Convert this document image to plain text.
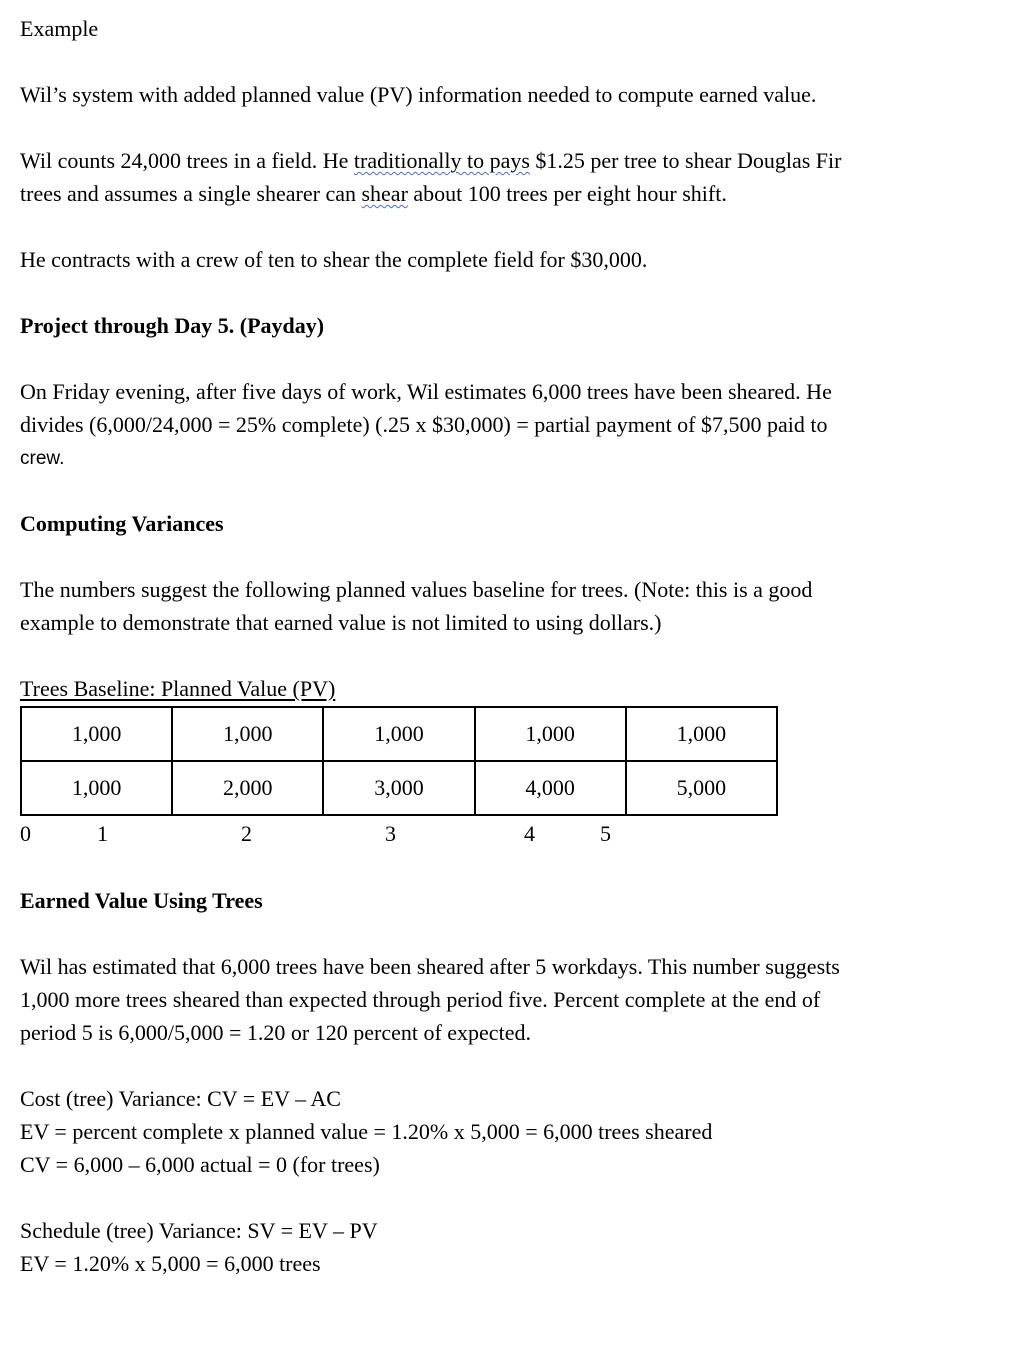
Example

Wil’s system with added planned value (PV) information needed to compute earned value.

Wil counts 24,000 trees in a field. He traditionally to pays $1.25 per tree to shear Douglas Fir

trees and assumes a single shearer can shear about 100 trees per eight hour shift.

He contracts with a crew of ten to shear the complete field for $30,000.

Project through Day 5. (Payday)

On Friday evening, after five days of work, Wil estimates 6,000 trees have been sheared. He

divides (6,000/24,000 = 25% complete) (.25 x $30,000) = partial payment of $7,500 paid to

crew.

Computing Variances

The numbers suggest the following planned values baseline for trees. (Note: this is a good

example to demonstrate that earned value is not limited to using dollars.)

Trees Baseline: Planned Value (PV)

1,000	1,000	1,000	1,000	1,000
1,000	2,000	3,000	4,000	5,000
0	1	2	3	4	5

Earned Value Using Trees

Wil has estimated that 6,000 trees have been sheared after 5 workdays. This number suggests

1,000 more trees sheared than expected through period five. Percent complete at the end of

period 5 is 6,000/5,000 = 1.20 or 120 percent of expected.

Cost (tree) Variance: CV = EV – AC

EV = percent complete x planned value = 1.20% x 5,000 = 6,000 trees sheared

CV = 6,000 – 6,000 actual = 0 (for trees)

Schedule (tree) Variance: SV = EV – PV

EV = 1.20% x 5,000 = 6,000 trees
